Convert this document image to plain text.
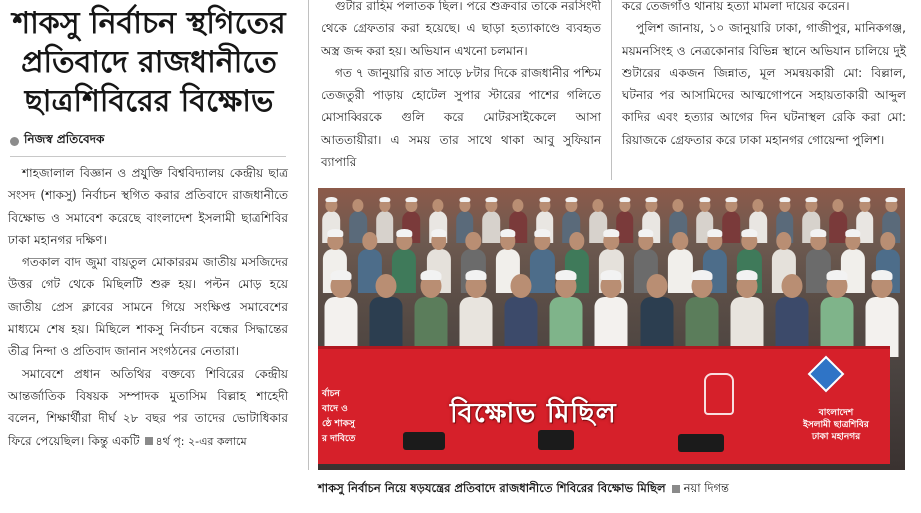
শাকসু নির্বাচন স্থগিতের
প্রতিবাদে রাজধানীতে
ছাত্রশিবিরের বিক্ষোভ
নিজস্ব প্রতিবেদক

শাহজালাল বিজ্ঞান ও প্রযুক্তি বিশ্ববিদ্যালয় কেন্দ্রীয় ছাত্র সংসদ (শাকসু) নির্বাচন স্থগিত করার প্রতিবাদে রাজধানীতে বিক্ষোভ ও সমাবেশ করেছে বাংলাদেশ ইসলামী ছাত্রশিবির ঢাকা মহানগর দক্ষিণ।

গতকাল বাদ জুমা বায়তুল মোকাররম জাতীয় মসজিদের উত্তর গেট থেকে মিছিলটি শুরু হয়। পল্টন মোড় হয়ে জাতীয় প্রেস ক্লাবের সামনে গিয়ে সংক্ষিপ্ত সমাবেশের মাধ্যমে শেষ হয়। মিছিলে শাকসু নির্বাচন বন্ধের সিদ্ধান্তের তীব্র নিন্দা ও প্রতিবাদ জানান সংগঠনের নেতারা।

সমাবেশে প্রধান অতিথির বক্তব্যে শিবিরের কেন্দ্রীয় আন্তর্জাতিক বিষয়ক সম্পাদক মুতাসিম বিল্লাহ শাহেদী বলেন, শিক্ষার্থীরা দীর্ঘ ২৮ বছর পর তাদের ভোটাধিকার ফিরে পেয়েছিল। কিন্তু একটি ৪র্থ পৃ: ২-এর কলামে

গুটার রাহিম পলাতক ছিল। পরে শুক্রবার তাকে নরসিংদী থেকে গ্রেফতার করা হয়েছে। এ ছাড়া হত্যাকাণ্ডে ব্যবহৃত অস্ত্র জব্দ করা হয়। অভিযান এখনো চলমান।

গত ৭ জানুয়ারি রাত সাড়ে ৮টার দিকে রাজধানীর পশ্চিম তেজতুরী পাড়ায় হোটেল সুপার স্টারের পাশের গলিতে মোসাব্বিরকে গুলি করে মোটরসাইকেলে আসা আততায়ীরা। এ সময় তার সাথে থাকা আবু সুফিয়ান ব্যাপারি

করে তেজগাঁও থানায় হত্যা মামলা দায়ের করেন।

পুলিশ জানায়, ১০ জানুয়ারি ঢাকা, গাজীপুর, মানিকগঞ্জ, ময়মনসিংহ ও নেত্রকোনার বিভিন্ন স্থানে অভিযান চালিয়ে দুই শুটারের একজন জিন্নাত, মূল সমন্বয়কারী মো: বিল্লাল, ঘটনার পর আসামিদের আত্মগোপনে সহায়তাকারী আব্দুল কাদির এবং হত্যার আগের দিন ঘটনাস্থল রেকি করা মো: রিয়াজকে গ্রেফতার করে ঢাকা মহানগর গোয়েন্দা পুলিশ।

র্বাচন
বাদে ও
ষ্ঠে শাকসু
র দাবিতে
বিক্ষোভ মিছিল	বাংলাদেশ
ইসলামী ছাত্রশিবির
ঢাকা মহানগর
শাকসু নির্বাচন নিয়ে ষড়যন্ত্রের প্রতিবাদে রাজধানীতে শিবিরের বিক্ষোভ মিছিল নয়া দিগন্ত
